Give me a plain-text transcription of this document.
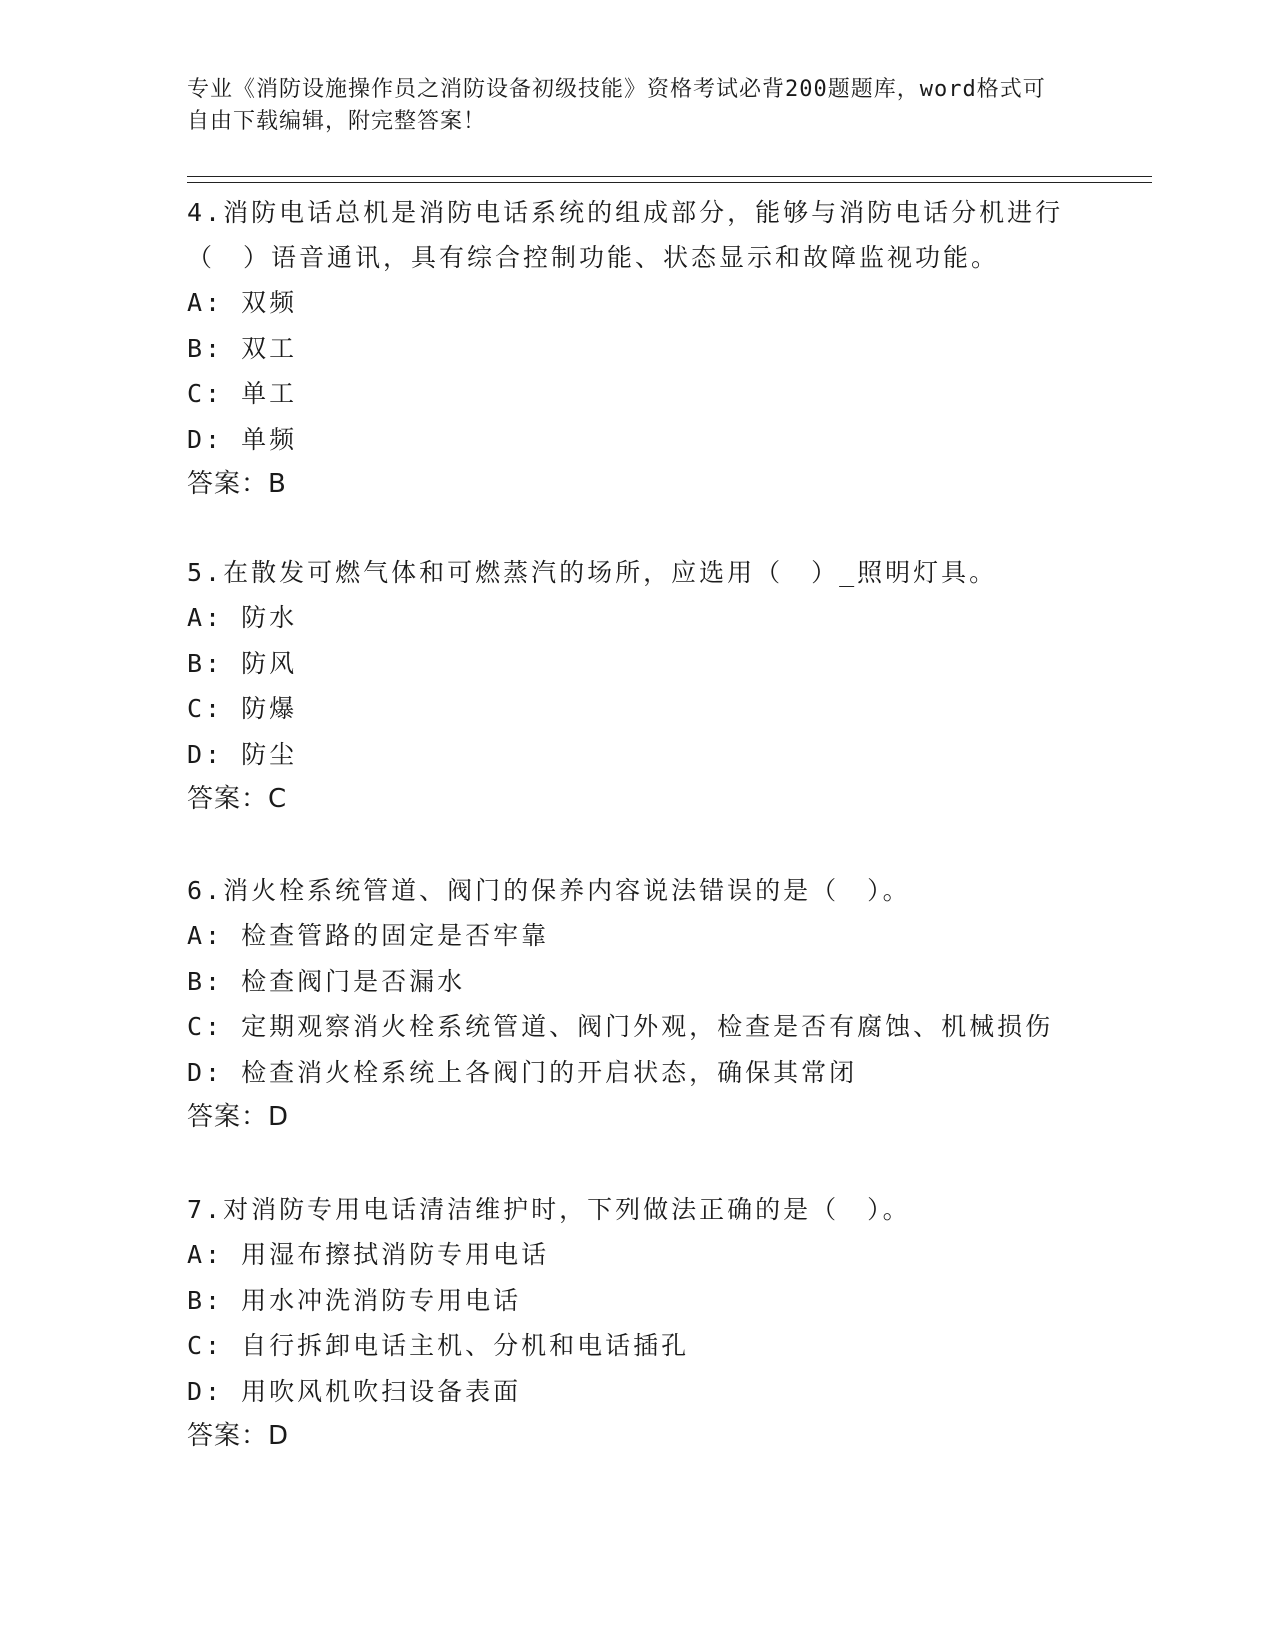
专业《消防设施操作员之消防设备初级技能》资格考试必背200题题库，word格式可自由下载编辑，附完整答案！
4.消防电话总机是消防电话系统的组成部分，能够与消防电话分机进行（　）语音通讯，具有综合控制功能、状态显示和故障监视功能。
A: 双频
B: 双工
C: 单工
D: 单频
答案：B
5.在散发可燃气体和可燃蒸汽的场所，应选用（　）_照明灯具。
A: 防水
B: 防风
C: 防爆
D: 防尘
答案：C
6.消火栓系统管道、阀门的保养内容说法错误的是（　）。
A: 检查管路的固定是否牢靠
B: 检查阀门是否漏水
C: 定期观察消火栓系统管道、阀门外观，检查是否有腐蚀、机械损伤
D: 检查消火栓系统上各阀门的开启状态，确保其常闭
答案：D
7.对消防专用电话清洁维护时，下列做法正确的是（　）。
A: 用湿布擦拭消防专用电话
B: 用水冲洗消防专用电话
C: 自行拆卸电话主机、分机和电话插孔
D: 用吹风机吹扫设备表面
答案：D
